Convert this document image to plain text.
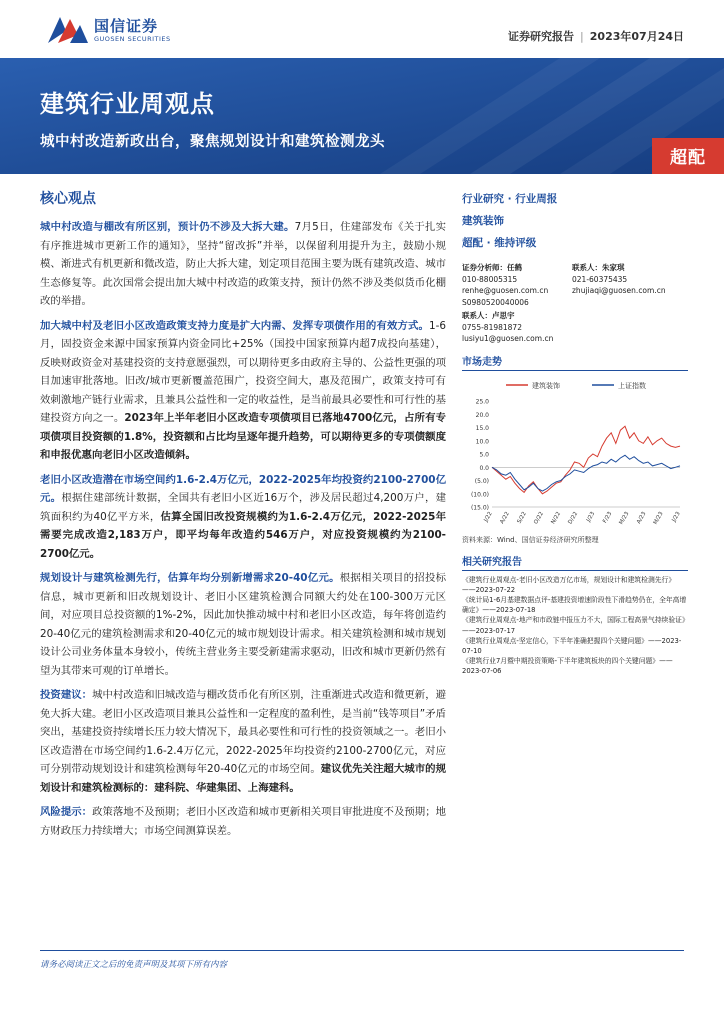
国信证券
GUOSEN SECURITIES	证券研究报告 | 2023年07月24日
建筑行业周观点
城中村改造新政出台，聚焦规划设计和建筑检测龙头
超配
核心观点

城中村改造与棚改有所区别，预计仍不涉及大拆大建。7月5日，住建部发布《关于扎实有序推进城市更新工作的通知》，坚持“留改拆”并举，以保留利用提升为主，鼓励小规模、渐进式有机更新和微改造，防止大拆大建，划定项目范围主要为既有建筑改造、城市生态修复等。此次国常会提出加大城中村改造的政策支持，预计仍然不涉及类似货币化棚改的举措。

加大城中村及老旧小区改造政策支持力度是扩大内需、发挥专项债作用的有效方式。1-6月，固投资金来源中国家预算内资金同比+25%（国投中国家预算内超7成投向基建），反映财政资金对基建投资的支持意愿强烈，可以期待更多由政府主导的、公益性更强的项目加速审批落地。旧改/城市更新覆盖范围广，投资空间大，惠及范围广，政策支持可有效刺激地产链行业需求，且兼具公益性和一定的收益性，是当前最具必要性和可行性的基建投资方向之一。2023年上半年老旧小区改造专项债项目已落地4700亿元，占所有专项债项目投资额的1.8%，投资额和占比均呈逐年提升趋势，可以期待更多的专项债额度和申报优惠向老旧小区改造倾斜。

老旧小区改造潜在市场空间约1.6-2.4万亿元，2022-2025年均投资约2100-2700亿元。根据住建部统计数据，全国共有老旧小区近16万个，涉及居民超过4,200万户，建筑面积约为40亿平方米，估算全国旧改投资规模约为1.6-2.4万亿元，2022-2025年需要完成改造2,183万户，即平均每年改造约546万户，对应投资规模约为2100-2700亿元。

规划设计与建筑检测先行，估算年均分别新增需求20-40亿元。根据相关项目的招投标信息，城市更新和旧改规划设计、老旧小区建筑检测合同额大约处在100-300万元区间，对应项目总投资额的1%-2%，因此加快推动城中村和老旧小区改造，每年将创造约20-40亿元的建筑检测需求和20-40亿元的城市规划设计需求。相关建筑检测和城市规划设计公司业务体量本身较小，传统主营业务主要受新建需求驱动，旧改和城市更新仍然有望为其带来可观的订单增长。

投资建议：城中村改造和旧城改造与棚改货币化有所区别，注重渐进式改造和微更新，避免大拆大建。老旧小区改造项目兼具公益性和一定程度的盈利性，是当前“钱等项目”矛盾突出，基建投资持续增长压力较大情况下，最具必要性和可行性的投资领域之一。老旧小区改造潜在市场空间约1.6-2.4万亿元，2022-2025年均投资约2100-2700亿元，对应可分别带动规划设计和建筑检测每年20-40亿元的市场空间。建议优先关注超大城市的规划设计和建筑检测标的：建科院、华建集团、上海建科。

风险提示：政策落地不及预期；老旧小区改造和城市更新相关项目审批进度不及预期；地方财政压力持续增大；市场空间测算误差。

行业研究 · 行业周报
建筑装饰
超配 · 维持评级
证券分析师：任鹤	联系人：朱家琪
010-88005315	021-60375435
renhe@guosen.com.cn	zhujiaqi@guosen.com.cn
S0980520040006
联系人：卢思宇
0755-81981872
lusiyu1@guosen.com.cn
市场走势
建筑装饰	上证指数
25.0
20.0
15.0
10.0
5.0
0.0
(5.0)
(10.0)
(15.0)
J/22 A/22 S/22 O/22 N/22 D/22 J/23 F/23 M/23 A/23 M/23 J/23
资料来源：Wind、国信证券经济研究所整理
相关研究报告
《建筑行业周观点-老旧小区改造万亿市场，规划设计和建筑检测先行》——2023-07-22
《统计局1-6月基建数据点评-基建投资增速阶段性下滑趋势仍在，全年高增确定》——2023-07-18
《建筑行业周观点-地产和市政链中报压力不大，国际工程高景气持续验证》——2023-07-17
《建筑行业周观点-坚定信心，下半年准确把握四个关键问题》——2023-07-10
《建筑行业7月暨中期投资策略-下半年建筑板块的四个关键问题》——2023-07-06
请务必阅读正文之后的免责声明及其项下所有内容
